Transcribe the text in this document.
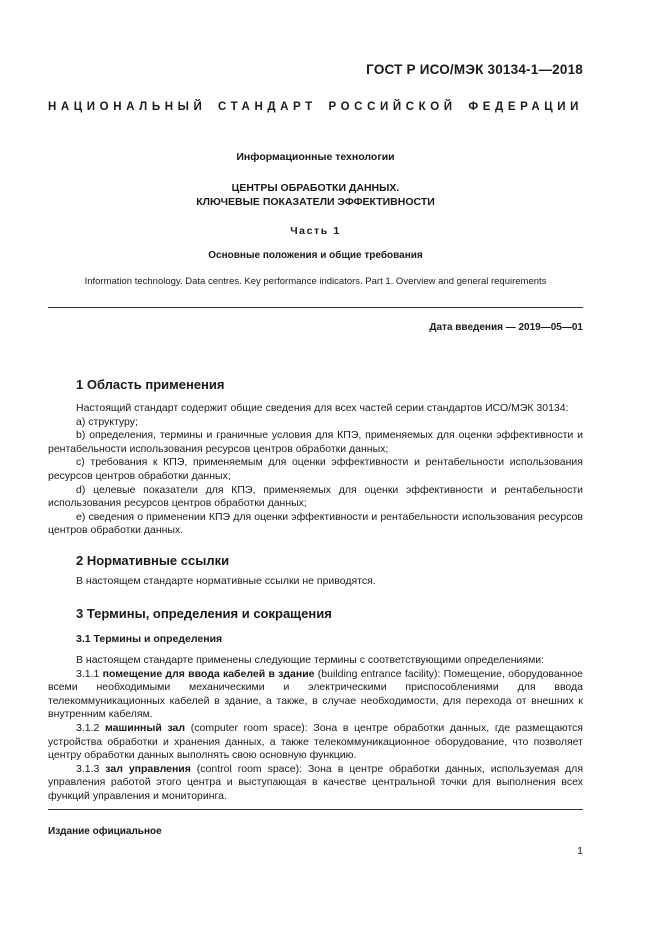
ГОСТ Р ИСО/МЭК 30134-1—2018
НАЦИОНАЛЬНЫЙ СТАНДАРТ РОССИЙСКОЙ ФЕДЕРАЦИИ
Информационные технологии
ЦЕНТРЫ ОБРАБОТКИ ДАННЫХ.
КЛЮЧЕВЫЕ ПОКАЗАТЕЛИ ЭФФЕКТИВНОСТИ
Часть 1
Основные положения и общие требования
Information technology. Data centres. Key performance indicators. Part 1. Overview and general requirements
Дата введения — 2019—05—01
1 Область применения

Настоящий стандарт содержит общие сведения для всех частей серии стандартов ИСО/МЭК 30134:

a) структуру;

b) определения, термины и граничные условия для КПЭ, применяемых для оценки эффективности и рентабельности использования ресурсов центров обработки данных;

c) требования к КПЭ, применяемым для оценки эффективности и рентабельности использования ресурсов центров обработки данных;

d) целевые показатели для КПЭ, применяемых для оценки эффективности и рентабельности использования ресурсов центров обработки данных;

e) сведения о применении КПЭ для оценки эффективности и рентабельности использования ресурсов центров обработки данных.

2 Нормативные ссылки

В настоящем стандарте нормативные ссылки не приводятся.

3 Термины, определения и сокращения
3.1 Термины и определения

В настоящем стандарте применены следующие термины с соответствующими определениями:

3.1.1 помещение для ввода кабелей в здание (building entrance facility): Помещение, оборудованное всеми необходимыми механическими и электрическими приспособлениями для ввода телекоммуникационных кабелей в здание, а также, в случае необходимости, для перехода от внешних к внутренним кабелям.

3.1.2 машинный зал (computer room space): Зона в центре обработки данных, где размещаются устройства обработки и хранения данных, а также телекоммуникационное оборудование, что позволяет центру обработки данных выполнять свою основную функцию.

3.1.3 зал управления (control room space): Зона в центре обработки данных, используемая для управления работой этого центра и выступающая в качестве центральной точки для выполнения всех функций управления и мониторинга.

Издание официальное
1
